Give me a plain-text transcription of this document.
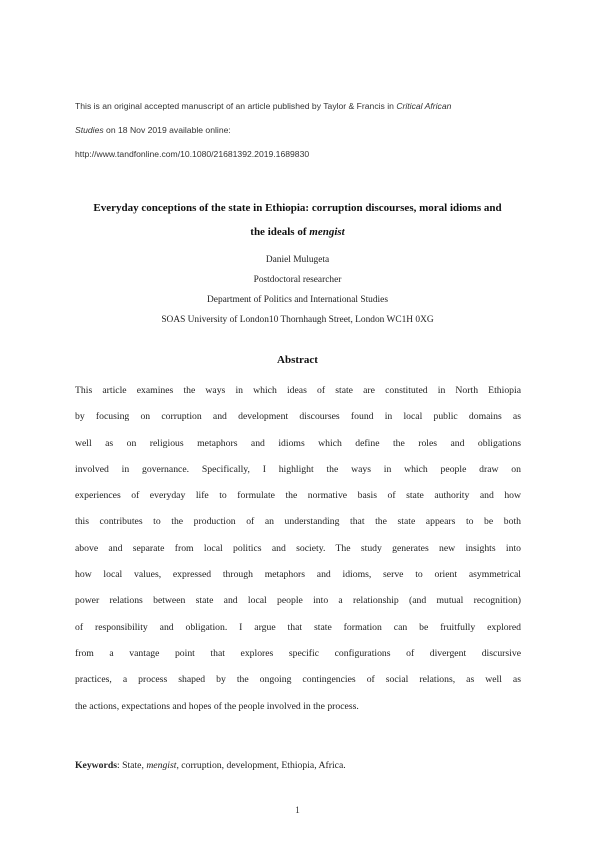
This is an original accepted manuscript of an article published by Taylor & Francis in Critical African
Studies on 18 Nov 2019 available online:
http://www.tandfonline.com/10.1080/21681392.2019.1689830
Everyday conceptions of the state in Ethiopia: corruption discourses, moral idioms and
the ideals of mengist
Daniel Mulugeta
Postdoctoral researcher
Department of Politics and International Studies
SOAS University of London10 Thornhaugh Street, London WC1H 0XG
Abstract
This article examines the ways in which ideas of state are constituted in North Ethiopia
by focusing on corruption and development discourses found in local public domains as
well as on religious metaphors and idioms which define the roles and obligations
involved in governance. Specifically, I highlight the ways in which people draw on
experiences of everyday life to formulate the normative basis of state authority and how
this contributes to the production of an understanding that the state appears to be both
above and separate from local politics and society. The study generates new insights into
how local values, expressed through metaphors and idioms, serve to orient asymmetrical
power relations between state and local people into a relationship (and mutual recognition)
of responsibility and obligation. I argue that state formation can be fruitfully explored
from a vantage point that explores specific configurations of divergent discursive
practices, a process shaped by the ongoing contingencies of social relations, as well as
the actions, expectations and hopes of the people involved in the process.
Keywords: State, mengist, corruption, development, Ethiopia, Africa.
1
